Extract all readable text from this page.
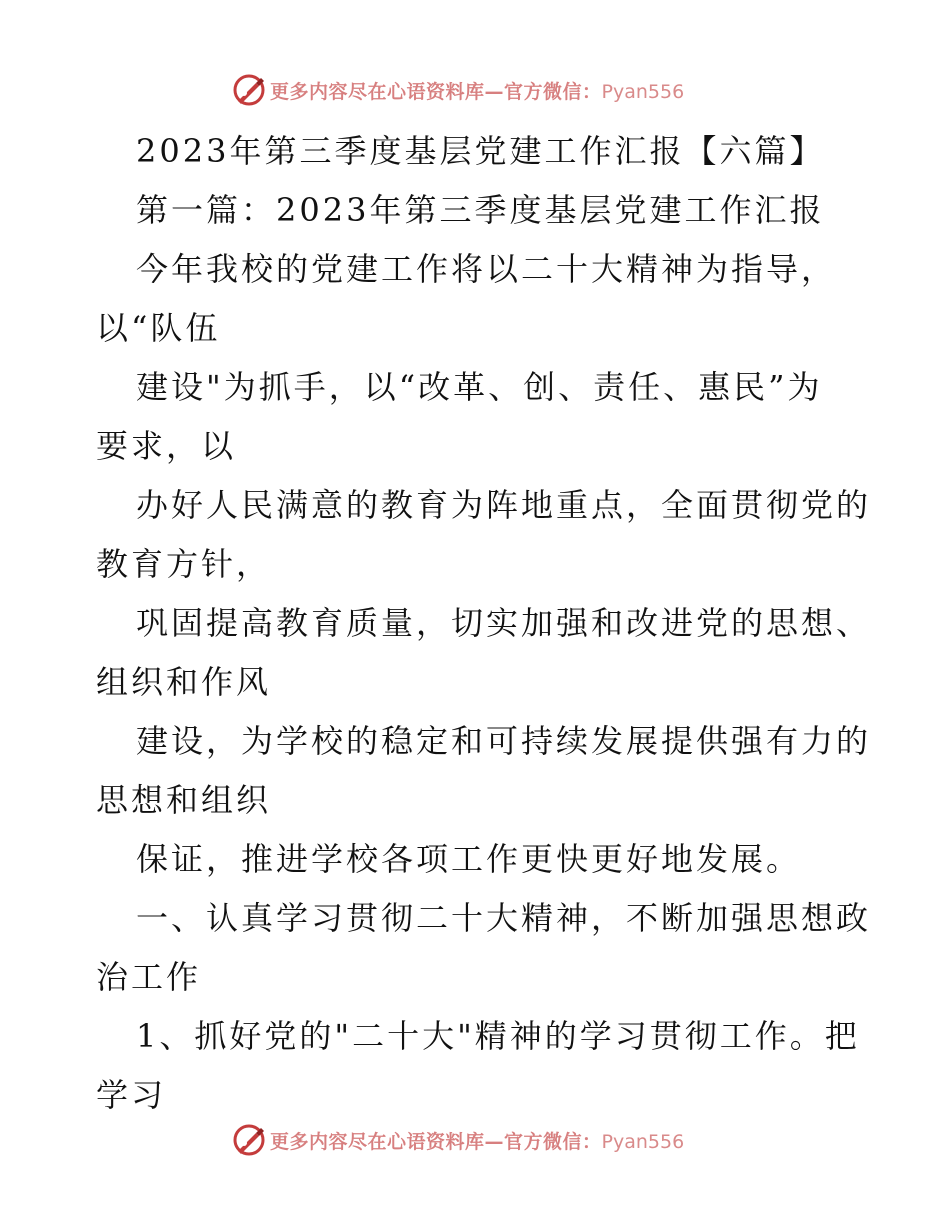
更多内容尽在心语资料库—官方微信：Pyan556
2023年第三季度基层党建工作汇报【六篇】
第一篇：2023年第三季度基层党建工作汇报
今年我校的党建工作将以二十大精神为指导，
以“队伍
建设"为抓手，以“改革、创、责任、惠民”为
要求，以
办好人民满意的教育为阵地重点，全面贯彻党的
教育方针，
巩固提高教育质量，切实加强和改进党的思想、
组织和作风
建设，为学校的稳定和可持续发展提供强有力的
思想和组织
保证，推进学校各项工作更快更好地发展。
一、认真学习贯彻二十大精神，不断加强思想政
治工作
1、抓好党的"二十大"精神的学习贯彻工作。把
学习
更多内容尽在心语资料库—官方微信：Pyan556
